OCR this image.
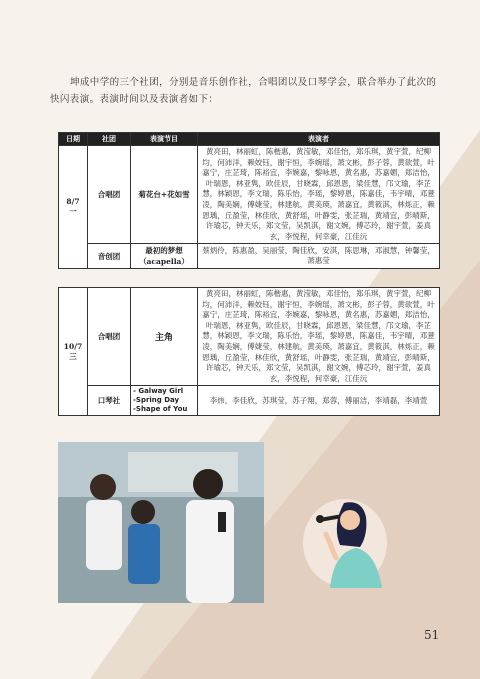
坤成中学的三个社团，分别是音乐创作社，合唱团以及口琴学会，联合举办了此次的快闪表演。表演时间以及表演者如下：

日期	社团	表演节目	表演者
8/7
一	合唱团	菊花台+花如雪	黄亮田，林丽虹，陈楷惠，黄滢敏，邓佳怡，郑乐琪，黄宇萱，纪柳均，何沛洋，赖姣钰，谢宇恒，李婉瑶，萧文彬，彭子蓉，黄欲萱，叶嘉宁，庄芷琦，陈裕宜，李婉嘉，黎咏恩，黄名惠，苏嘉媚，郑洁怡，叶瑞恩，林亚隽，欧佳辰，甘晓霖，邱恩恩，梁佳慧，邝文瑜，李芷慧，林颖恩，李文瑞，陈乐怡，李瑶，黎婷恩，陈嘉佳，韦宇晴，邓薏凌，陶美娴，傅婕莹，林建航，黄美瑛，萧嘉宜，黄筱淇，林烁正，赖恩瑀，丘盈莹，林佳欣，黄舒瑶，叶静雯，张芷瑞，黄靖宜，彭晴斯，许瑜芯，钟天乐，郑文莹，吴凯淇，谢文婉，傅芯玲，谢宇萱，姜真玄，李悦程，何幸豪，江佳沅
	音创团	最初的梦想
（acapella）	蔡炳伶，陈惠盈，吴丽莹，陶佳欣，安淇，陈思琳，邓淑慧，钟馨莹，萧惠莹
10/7
三	合唱团	主角	黄亮田，林丽虹，陈楷惠，黄滢敏，邓佳怡，郑乐琪，黄宇萱，纪柳均，何沛洋，赖姣钰，谢宇恒，李婉瑶，萧文彬，彭子蓉，黄欲萱，叶嘉宁，庄芷琦，陈裕宜，李婉嘉，黎咏恩，黄名惠，苏嘉媚，郑洁怡，叶瑞恩，林亚隽，欧佳辰，甘晓霖，邱恩恩，梁佳慧，邝文瑜，李芷慧，林颖恩，李文瑞，陈乐怡，李瑶，黎婷恩，陈嘉佳，韦宇晴，邓薏凌，陶美娴，傅婕莹，林建航，黄美瑛，萧嘉宜，黄筱淇，林烁正，赖恩瑀，丘盈莹，林佳欣，黄舒瑶，叶静雯，张芷瑞，黄靖宜，彭晴斯，许瑜芯，钟天乐，郑文莹，吴凯淇，谢文婉，傅芯玲，谢宇萱，姜真玄，李悦程，何幸豪，江佳沅
	口琴社	- Galway Girl
-Spring Day
-Shape of You	李炜，李佳欣，苏琪莹，苏子翔，郑蓉，傅丽洁，李靖磊，李靖萱
51
